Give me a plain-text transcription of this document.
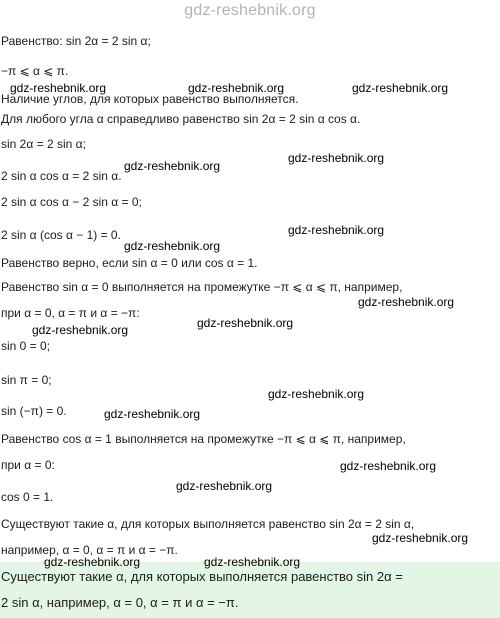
gdz-reshebnik.org
Равенство: sin 2α = 2 sin α;
−π ⩽ α ⩽ π.
Наличие углов, для которых равенство выполняется.
Для любого угла α справедливо равенство sin 2α = 2 sin α cos α.
sin 2α = 2 sin α;
2 sin α cos α = 2 sin α.
2 sin α cos α − 2 sin α = 0;
2 sin α (cos α − 1) = 0.
Равенство верно, если sin α = 0 или cos α = 1.
Равенство sin α = 0 выполняется на промежутке −π ⩽ α ⩽ π, например,
при α = 0, α = π и α = −π:
sin 0 = 0;
sin π = 0;
sin (−π) = 0.
Равенство cos α = 1 выполняется на промежутке −π ⩽ α ⩽ π, например,
при α = 0:
cos 0 = 1.
Существуют такие α, для которых выполняется равенство sin 2α = 2 sin α,
например, α = 0, α = π и α = −π.
Существуют такие α, для которых выполняется равенство sin 2α =
2 sin α, например, α = 0, α = π и α = −π.
gdz-reshebnik.org	gdz-reshebnik.org	gdz-reshebnik.org
gdz-reshebnik.org
gdz-reshebnik.org
gdz-reshebnik.org
gdz-reshebnik.org
gdz-reshebnik.org
gdz-reshebnik.org	gdz-reshebnik.org
gdz-reshebnik.org
gdz-reshebnik.org
gdz-reshebnik.org
gdz-reshebnik.org
gdz-reshebnik.org
gdz-reshebnik.org	gdz-reshebnik.org
